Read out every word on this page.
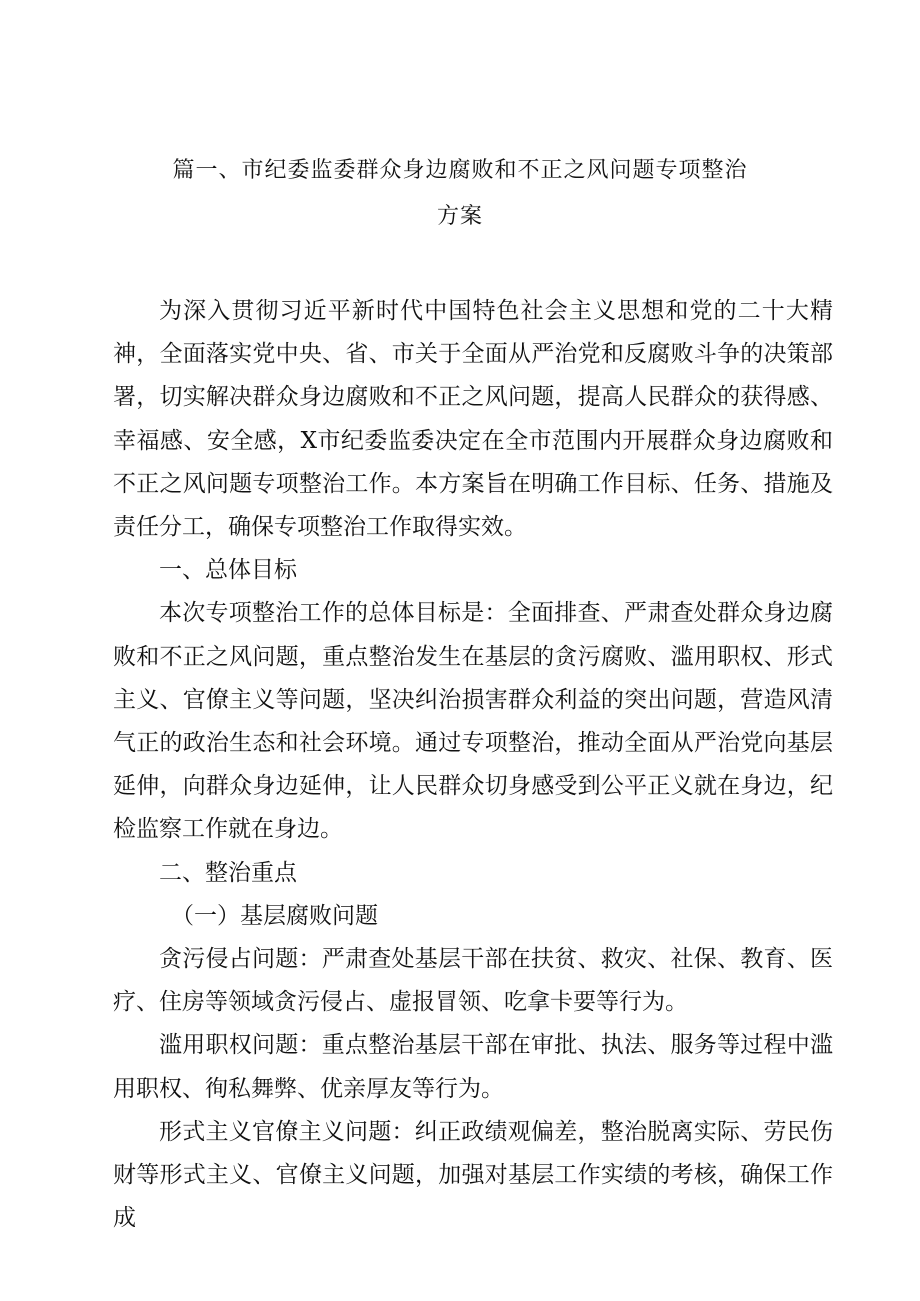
篇一、市纪委监委群众身边腐败和不正之风问题专项整治
方案

为深入贯彻习近平新时代中国特色社会主义思想和党的二十大精神，全面落实党中央、省、市关于全面从严治党和反腐败斗争的决策部署，切实解决群众身边腐败和不正之风问题，提高人民群众的获得感、幸福感、安全感，X市纪委监委决定在全市范围内开展群众身边腐败和不正之风问题专项整治工作。本方案旨在明确工作目标、任务、措施及责任分工，确保专项整治工作取得实效。

一、总体目标

本次专项整治工作的总体目标是：全面排查、严肃查处群众身边腐败和不正之风问题，重点整治发生在基层的贪污腐败、滥用职权、形式主义、官僚主义等问题，坚决纠治损害群众利益的突出问题，营造风清气正的政治生态和社会环境。通过专项整治，推动全面从严治党向基层延伸，向群众身边延伸，让人民群众切身感受到公平正义就在身边，纪检监察工作就在身边。

二、整治重点

（一）基层腐败问题

贪污侵占问题：严肃查处基层干部在扶贫、救灾、社保、教育、医疗、住房等领域贪污侵占、虚报冒领、吃拿卡要等行为。

滥用职权问题：重点整治基层干部在审批、执法、服务等过程中滥用职权、徇私舞弊、优亲厚友等行为。

形式主义官僚主义问题：纠正政绩观偏差，整治脱离实际、劳民伤财等形式主义、官僚主义问题，加强对基层工作实绩的考核，确保工作成
